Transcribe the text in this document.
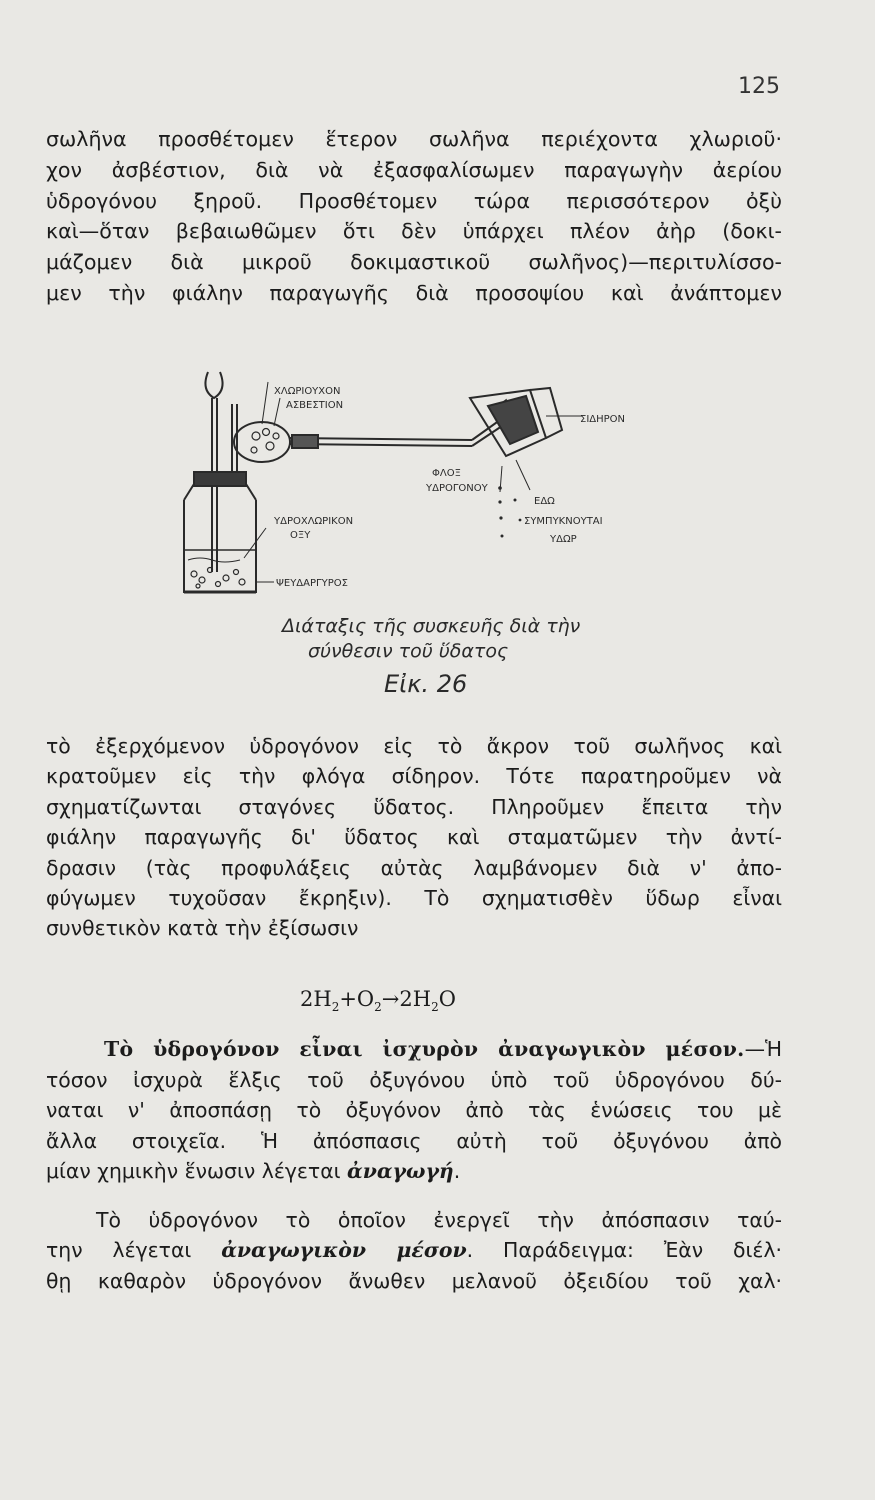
125
σωλῆνα προσθέτομεν ἕτερον σωλῆνα περιέχοντα χλωριοῦ·
χον ἀσβέστιον, διὰ νὰ ἐξασφαλίσωμεν παραγωγὴν ἀερίου
ὑδρογόνου ξηροῦ. Προσθέτομεν τώρα περισσότερον ὀξὺ
καὶ—ὅταν βεβαιωθῶμεν ὅτι δὲν ὑπάρχει πλέον ἀὴρ (δοκι-
μάζομεν διὰ μικροῦ δοκιμαστικοῦ σωλῆνος)—περιτυλίσσο-
μεν τὴν φιάλην παραγωγῆς διὰ προσοψίου καὶ ἀνάπτομεν
ΧΛΩΡΙΟΥΧΟΝ
ΑΣΒΕΣΤΙΟΝ
ΣΙΔΗΡΟΝ
ΦΛΟΞ
ΥΔΡΟΓΟΝΟΥ
ΥΔΡΟΧΛΩΡΙΚΟΝ
ΟΞΥ
ΕΔΩ
ΣΥΜΠΥΚΝΟΥΤΑΙ
ΥΔΩΡ
ΨΕΥΔΑΡΓΥΡΟΣ
Διάταξις τῆς συσκευῆς διὰ τὴν
σύνθεσιν τοῦ ὕδατος
Εἰκ. 26
τὸ ἐξερχόμενον ὑδρογόνον εἰς τὸ ἄκρον τοῦ σωλῆνος καὶ
κρατοῦμεν εἰς τὴν φλόγα σίδηρον. Τότε παρατηροῦμεν νὰ
σχηματίζωνται σταγόνες ὕδατος. Πληροῦμεν ἔπειτα τὴν
φιάλην παραγωγῆς δι' ὕδατος καὶ σταματῶμεν τὴν ἀντί-
δρασιν (τὰς προφυλάξεις αὐτὰς λαμβάνομεν διὰ ν' ἀπο-
φύγωμεν τυχοῦσαν ἔκρηξιν). Τὸ σχηματισθὲν ὕδωρ εἶναι
συνθετικὸν κατὰ τὴν ἐξίσωσιν
$2H_2+O_2\to 2H_2O$
Τὸ ὑδρογόνον εἶναι ἰσχυρὸν ἀναγωγικὸν μέσον.—Ἡ
τόσον ἰσχυρὰ ἕλξις τοῦ ὀξυγόνου ὑπὸ τοῦ ὑδρογόνου δύ-
ναται ν' ἀποσπάσῃ τὸ ὀξυγόνον ἀπὸ τὰς ἑνώσεις του μὲ
ἄλλα στοιχεῖα. Ἡ ἀπόσπασις αὐτὴ τοῦ ὀξυγόνου ἀπὸ
μίαν χημικὴν ἕνωσιν λέγεται ἀναγωγή.
Τὸ ὑδρογόνον τὸ ὁποῖον ἐνεργεῖ τὴν ἀπόσπασιν ταύ-
την λέγεται ἀναγωγικὸν μέσον. Παράδειγμα: Ἐὰν διέλ·
θῃ καθαρὸν ὑδρογόνον ἄνωθεν μελανοῦ ὀξειδίου τοῦ χαλ·
